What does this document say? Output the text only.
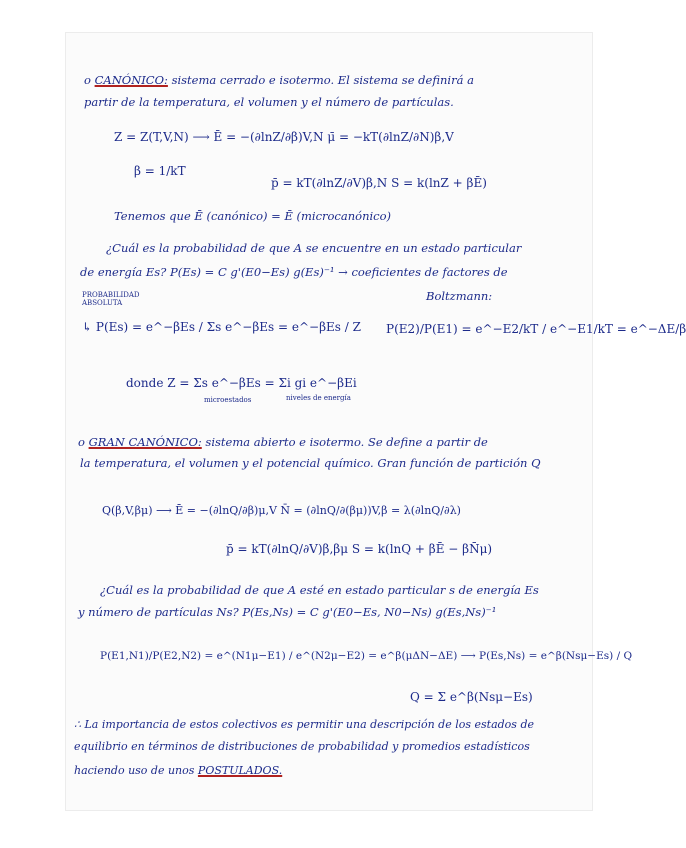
o CANÓNICO: sistema cerrado e isotermo. El sistema se definirá a
partir de la temperatura, el volumen y el número de partículas.
Z = Z(T,V,N) ⟶ Ē = −(∂lnZ/∂β)V,N μ̄ = −kT(∂lnZ/∂N)β,V
β = 1/kT
p̄ = kT(∂lnZ/∂V)β,N S = k(lnZ + βĒ)
Tenemos que Ē (canónico) = Ē (microcanónico)
¿Cuál es la probabilidad de que A se encuentre en un estado particular
de energía Es? P(Es) = C g'(E0−Es) g(Es)⁻¹ → coeficientes de factores de
PROBABILIDAD ABSOLUTA	Boltzmann:
↳ P(Es) = e^−βEs / Σs e^−βEs = e^−βEs / Z P(E2)/P(E1) = e^−E2/kT / e^−E1/kT = e^−ΔE/β
donde Z = Σs e^−βEs = Σi gi e^−βEi
microestados	niveles de energía
o GRAN CANÓNICO: sistema abierto e isotermo. Se define a partir de
la temperatura, el volumen y el potencial químico. Gran función de partición Q
Q(β,V,βμ) ⟶ Ē = −(∂lnQ/∂β)μ,V N̄ = (∂lnQ/∂(βμ))V,β = λ(∂lnQ/∂λ)
p̄ = kT(∂lnQ/∂V)β,βμ S = k(lnQ + βĒ − βN̄μ)
¿Cuál es la probabilidad de que A esté en estado particular s de energía Es
y número de partículas Ns? P(Es,Ns) = C g'(E0−Es, N0−Ns) g(Es,Ns)⁻¹
P(E1,N1)/P(E2,N2) = e^(N1μ−E1) / e^(N2μ−E2) = e^β(μΔN−ΔE) ⟶ P(Es,Ns) = e^β(Nsμ−Es) / Q
Q = Σ e^β(Nsμ−Es)
∴ La importancia de estos colectivos es permitir una descripción de los estados de
equilibrio en términos de distribuciones de probabilidad y promedios estadísticos
haciendo uso de unos POSTULADOS.
